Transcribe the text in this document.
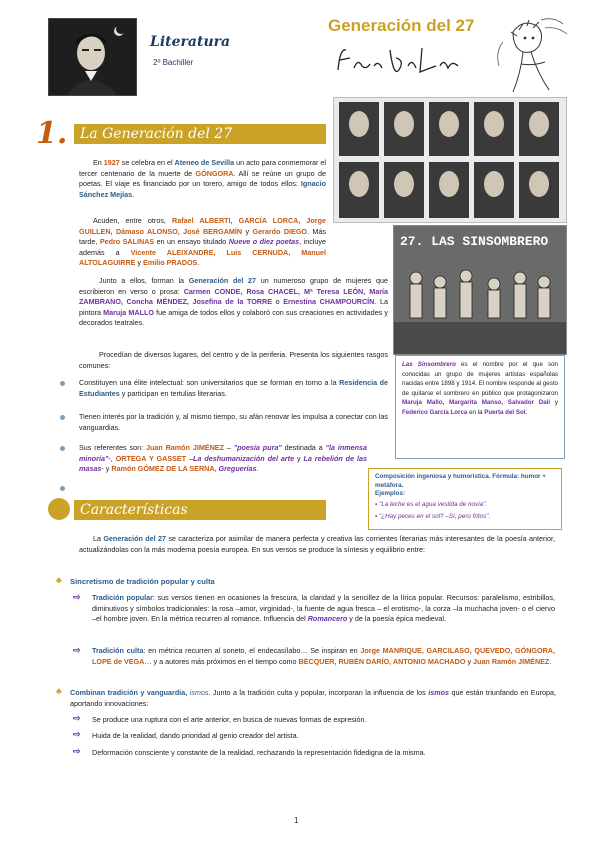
Literatura
2º Bachiller
Generación del 27
1. La Generación del 27
En 1927 se celebra en el Ateneo de Sevilla un acto para conmemorar el tercer centenario de la muerte de GÓNGORA. Allí se reúne un grupo de poetas. El viaje es financiado por un torero, amigo de todos ellos: Ignacio Sánchez Mejías.
Acuden, entre otros, Rafael ALBERTI, GARCÍA LORCA, Jorge GUILLEN, Dámaso ALONSO, José BERGAMÍN y Gerardo DIEGO. Más tarde, Pedro SALINAS en un ensayo titulado Nueve o diez poetas, incluye además a Vicente ALEIXANDRE, Luis CERNUDA, Manuel ALTOLAGUIRRE y Emilio PRADOS.
Junto a ellos, forman la Generación del 27 un numeroso grupo de mujeres que escribieron en verso o prosa: Carmen CONDE, Rosa CHACEL, Mª Teresa LEÓN, María ZAMBRANO, Concha MÉNDEZ, Josefina de la TORRE o Ernestina CHAMPOURCÍN. La pintora Maruja MALLO fue amiga de todos ellos y colaboró con sus creaciones en actividades y decorados teatrales.
Procedían de diversos lugares, del centro y de la periferia. Presenta los siguientes rasgos comunes:
Constituyen una élite intelectual: son universitarios que se forman en torno a la Residencia de Estudiantes y participan en tertulias literarias.
Tienen interés por la tradición y, al mismo tiempo, su afán renovar les impulsa a conectar con las vanguardias.
Sus referentes son: Juan Ramón JIMÉNEZ – "poesía pura" destinada a "la inmensa minoría"-, ORTEGA Y GASSET –La deshumanización del arte y La rebelión de las masas- y Ramón GÓMEZ DE LA SERNA, Greguerías.
27. LAS SINSOMBRERO
Las Sinsombrero es el nombre por el que son conocidas un grupo de mujeres artistas españolas nacidas entre 1898 y 1914. El nombre responde al gesto de quitarse el sombrero en público que protagonizaron Maruja Mallo, Margarita Manso, Salvador Dalí y Federico García Lorca en la Puerta del Sol.
Composición ingeniosa y humorística. Fórmula: humor + metáfora.
Ejemplos:
▪ "La leche es el agua vestida de novia".
▪ "¿Hay peces en el sol? –Sí, pero fritos".
Características
La Generación del 27 se caracteriza por asimilar de manera perfecta y creativa las corrientes literarias más interesantes de la poesía anterior, actualizándolas con la más moderna poesía europea. En sus versos se produce la síntesis y equilibrio entre:
♣ Sincretismo de tradición popular y culta
⇨ Tradición popular: sus versos tienen en ocasiones la frescura, la claridad y la sencillez de la lírica popular. Recursos: paralelismo, estribillos, diminutivos y símbolos tradicionales: la rosa –amor, virginidad-, la fuente de agua fresca – el erotismo-, la corza –la muchacha joven- o el ciervo –el hombre joven. En la métrica recurren al romance. Influencia del Romancero y de la poesía épica medieval.
⇨ Tradición culta: en métrica recurren al soneto, el endecasílabo… Se inspiran en Jorge MANRIQUE, GARCILASO, QUEVEDO, GÓNGORA, LOPE de VEGA… y a autores más próximos en el tiempo como BÉCQUER, RUBÉN DARÍO, ANTONIO MACHADO y Juan Ramón JIMÉNEZ.
♣ Combinan tradición y vanguardia, ismos. Junto a la tradición culta y popular, incorporan la influencia de los ismos que están triunfando en Europa, aportando innovaciones:
⇨ Se produce una ruptura con el arte anterior, en busca de nuevas formas de expresión.
⇨ Huida de la realidad, dando prioridad al genio creador del artista.
⇨ Deformación consciente y constante de la realidad, rechazando la representación fidedigna de la misma.
1
